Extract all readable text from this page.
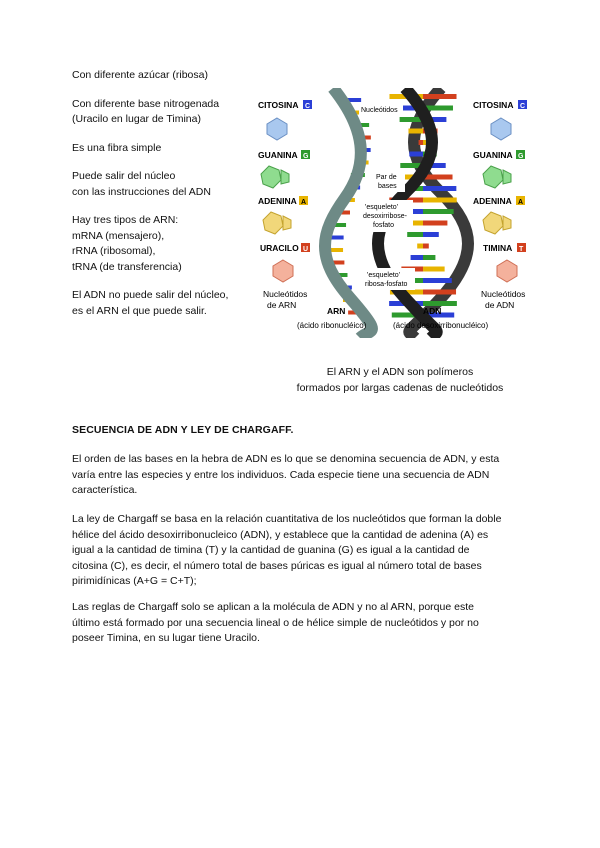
Con diferente azúcar (ribosa)

Con diferente base nitrogenada
(Uracilo en lugar de Timina)

Es una fibra simple

Puede salir del núcleo
con las instrucciones del ADN

Hay tres tipos de ARN:
mRNA (mensajero),
rRNA (ribosomal),
tRNA (de transferencia)

El ADN no puede salir del núcleo,
es el ARN el que puede salir.

CITOSINA C
GUANINA G
ADENINA A
URACILO U
Nucleótidos
de ARN
CITOSINA C
GUANINA G
ADENINA A
TIMINA T
Nucleótidos
de ADN
Nucleótidos
Par de
bases
'esqueleto'
desoxirribose-
fosfato
'esqueleto'
ribosa-fosfato
ARN
(ácido ribonucléico)
ADN
(ácido desoxirribonucléico)
El ARN y el ADN son polímeros
formados por largas cadenas de nucleótidos
SECUENCIA DE ADN Y LEY DE CHARGAFF.

El orden de las bases en la hebra de ADN es lo que se denomina secuencia de ADN, y esta

varía entre las especies y entre los individuos. Cada especie tiene una secuencia de ADN

característica.

La ley de Chargaff se basa en la relación cuantitativa de los nucleótidos que forman la doble

hélice del ácido desoxirribonucleico (ADN), y establece que la cantidad de adenina (A) es

igual a la cantidad de timina (T) y la cantidad de guanina (G) es igual a la cantidad de

citosina (C), es decir, el número total de bases púricas es igual al número total de bases

pirimidínicas (A+G = C+T);

Las reglas de Chargaff solo se aplican a la molécula de ADN y no al ARN, porque este

último está formado por una secuencia lineal o de hélice simple de nucleótidos y por no

poseer Timina, en su lugar tiene Uracilo.
